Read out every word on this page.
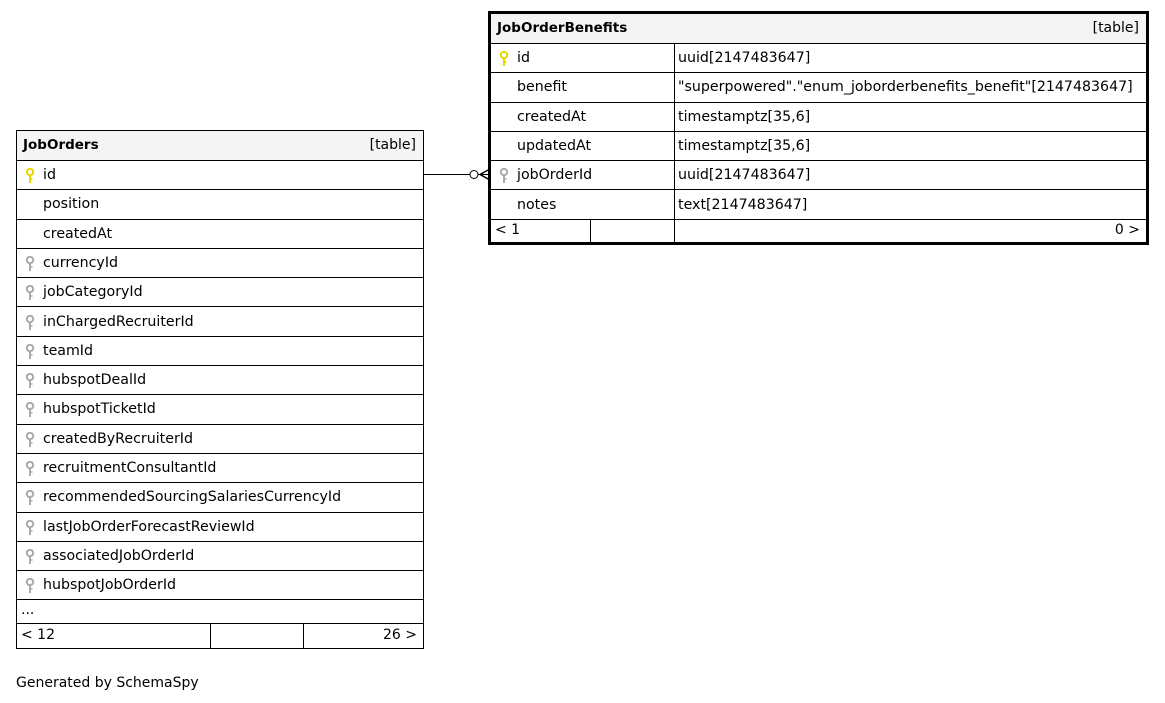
JobOrders	[table]
id
position
createdAt
currencyId
jobCategoryId
inChargedRecruiterId
teamId
hubspotDealId
hubspotTicketId
createdByRecruiterId
recruitmentConsultantId
recommendedSourcingSalariesCurrencyId
lastJobOrderForecastReviewId
associatedJobOrderId
hubspotJobOrderId
...
< 12	26 >
JobOrderBenefits	[table]
id	uuid[2147483647]
benefit	"superpowered"."enum_joborderbenefits_benefit"[2147483647]
createdAt	timestamptz[35,6]
updatedAt	timestamptz[35,6]
jobOrderId	uuid[2147483647]
notes	text[2147483647]
< 1	0 >
Generated by SchemaSpy
